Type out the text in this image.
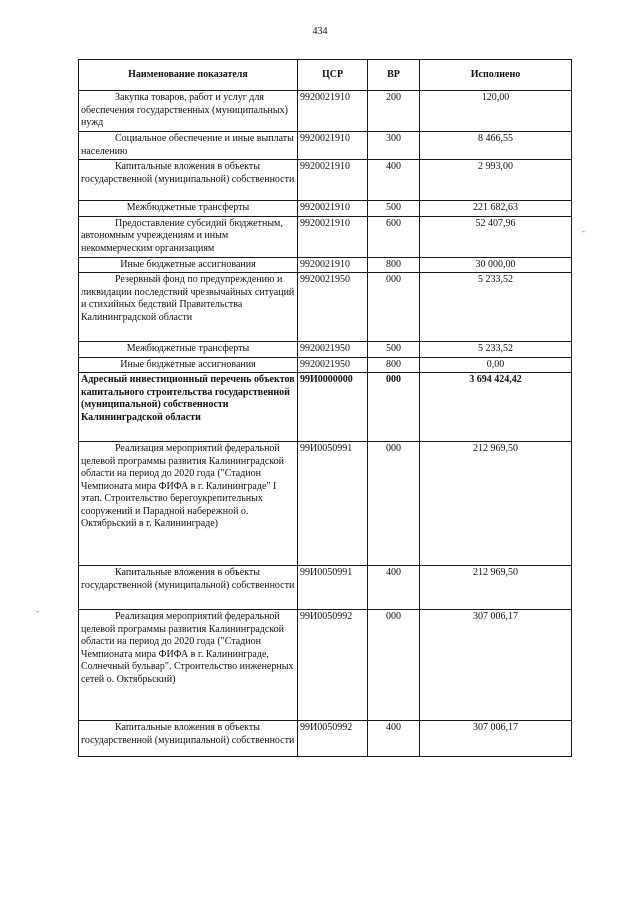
434
Наименование показателя	ЦСР	ВР	Исполнено
Закупка товаров, работ и услуг для обеспечения государственных (муниципальных) нужд	9920021910	200	120,00
Социальное обеспечение и иные выплаты населению	9920021910	300	8 466,55
Капитальные вложения в объекты государственной (муниципальной) собственности	9920021910	400	2 993,00
Межбюджетные трансферты	9920021910	500	221 682,63
Предоставление субсидий бюджетным, автономным учреждениям и иным некоммерческим организациям	9920021910	600	52 407,96
Иные бюджетные ассигнования	9920021910	800	30 000,00
Резервный фонд по предупреждению и ликвидации последствий чрезвычайных ситуаций и стихийных бедствий Правительства Калининградской области	9920021950	000	5 233,52
Межбюджетные трансферты	9920021950	500	5 233,52
Иные бюджетные ассигнования	9920021950	800	0,00
Адресный инвестиционный перечень объектов капитального строительства государственной (муниципальной) собственности Калининградской области	99И0000000	000	3 694 424,42
Реализация мероприятий федеральной целевой программы развития Калининградской области на период до 2020 года ("Стадион Чемпионата мира ФИФА в г. Калининграде" I этап. Строительство берегоукрепительных сооружений и Парадной набережной о. Октябрьский в г. Калининграде)	99И0050991	000	212 969,50
Капитальные вложения в объекты государственной (муниципальной) собственности	99И0050991	400	212 969,50
Реализация мероприятий федеральной целевой программы развития Калининградской области на период до 2020 года ("Стадион Чемпионата мира ФИФА в г. Калининграде, Солнечный бульвар". Строительство инженерных сетей о. Октябрьский)	99И0050992	000	307 006,17
Капитальные вложения в объекты государственной (муниципальной) собственности	99И0050992	400	307 006,17
-
-
